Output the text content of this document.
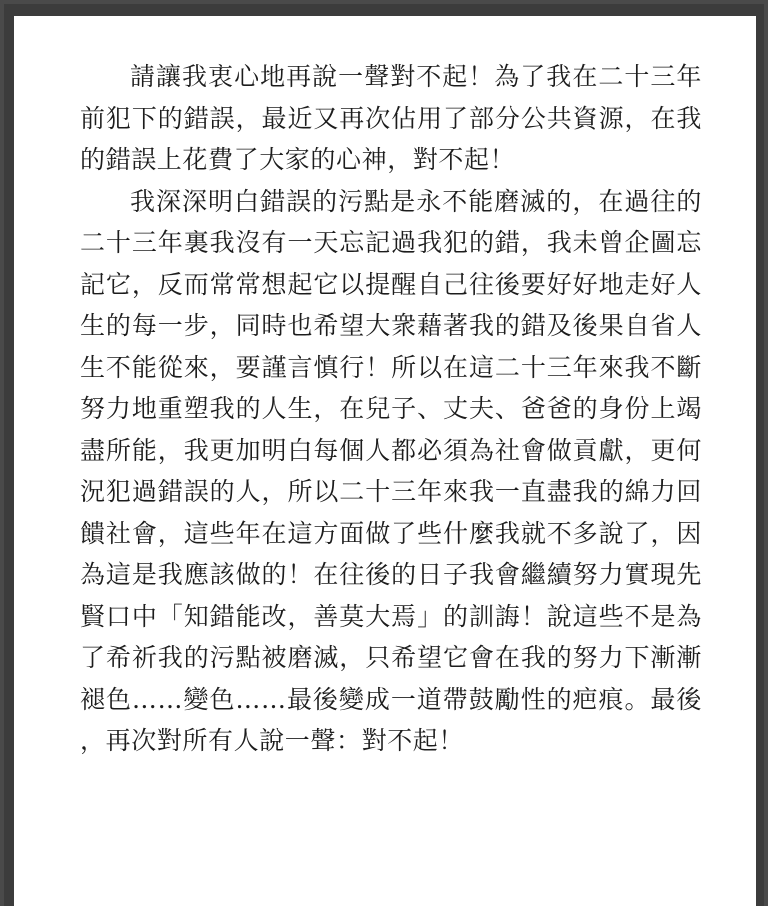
請讓我衷心地再說一聲對不起！為了我在二十三年前犯下的錯誤，最近又再次佔用了部分公共資源，在我的錯誤上花費了大家的心神，對不起！

我深深明白錯誤的污點是永不能磨滅的，在過往的二十三年裏我沒有一天忘記過我犯的錯，我未曾企圖忘記它，反而常常想起它以提醒自己往後要好好地走好人生的每一步，同時也希望大衆藉著我的錯及後果自省人生不能從來，要謹言慎行！所以在這二十三年來我不斷努力地重塑我的人生，在兒子、丈夫、爸爸的身份上竭盡所能，我更加明白每個人都必須為社會做貢獻，更何況犯過錯誤的人，所以二十三年來我一直盡我的綿力回饋社會，這些年在這方面做了些什麼我就不多說了，因為這是我應該做的！在往後的日子我會繼續努力實現先賢口中「知錯能改，善莫大焉」的訓誨！說這些不是為了希祈我的污點被磨滅，只希望它會在我的努力下漸漸褪色……變色……最後變成一道帶鼓勵性的疤痕。最後，再次對所有人說一聲：對不起！
